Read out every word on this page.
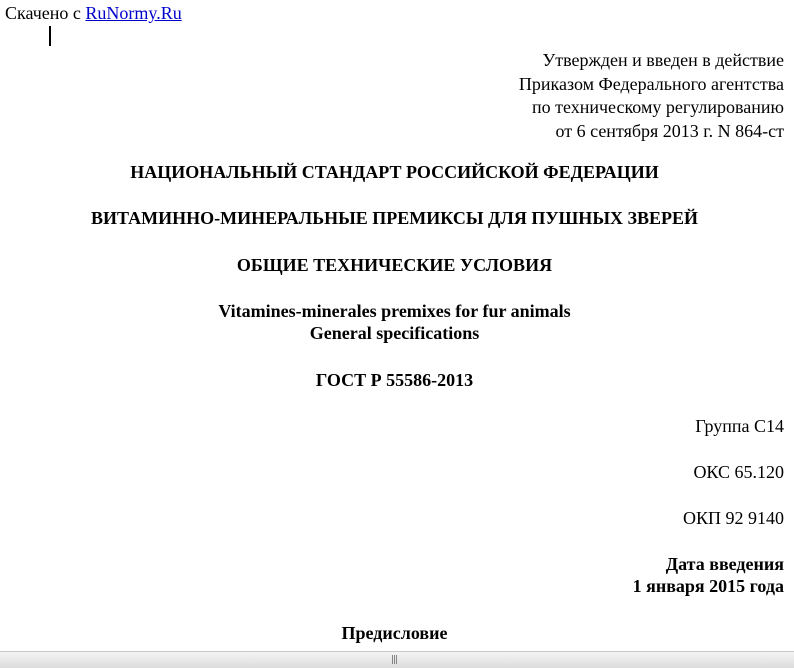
Скачено с RuNormy.Ru
Утвержден и введен в действие
Приказом Федерального агентства
по техническому регулированию
от 6 сентября 2013 г. N 864-ст
НАЦИОНАЛЬНЫЙ СТАНДАРТ РОССИЙСКОЙ ФЕДЕРАЦИИ
ВИТАМИННО-МИНЕРАЛЬНЫЕ ПРЕМИКСЫ ДЛЯ ПУШНЫХ ЗВЕРЕЙ
ОБЩИЕ ТЕХНИЧЕСКИЕ УСЛОВИЯ
Vitamines-minerales premixes for fur animals
General specifications
ГОСТ Р 55586-2013
Группа С14
ОКС 65.120
ОКП 92 9140
Дата введения
1 января 2015 года
Предисловие
|||
